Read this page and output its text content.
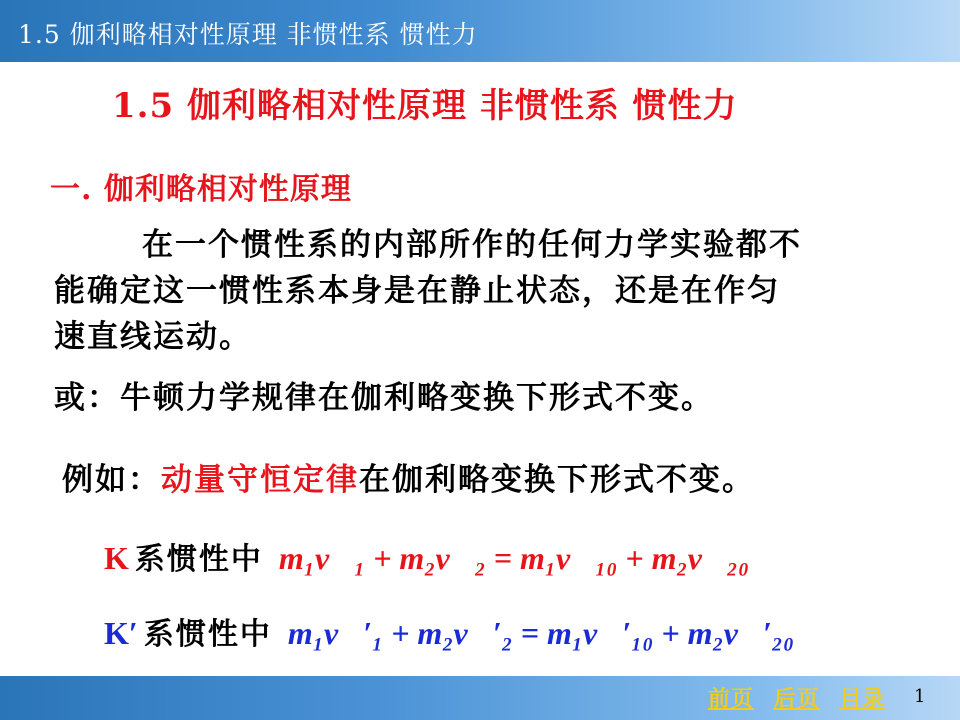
1.5 伽利略相对性原理 非惯性系 惯性力
1.5 伽利略相对性原理 非惯性系 惯性力
一. 伽利略相对性原理
在一个惯性系的内部所作的任何力学实验都不
能确定这一惯性系本身是在静止状态，还是在作匀
速直线运动。
或：牛顿力学规律在伽利略变换下形式不变。
例如：动量守恒定律在伽利略变换下形式不变。
K 系惯性中 m₁v⃗₁ + m₂v⃗₂ = m₁v⃗₁₀ + m₂v⃗₂₀
K′ 系惯性中 m₁v⃗′₁ + m₂v⃗′₂ = m₁v⃗′₁₀ + m₂v⃗′₂₀
前页 后页 目录	1
